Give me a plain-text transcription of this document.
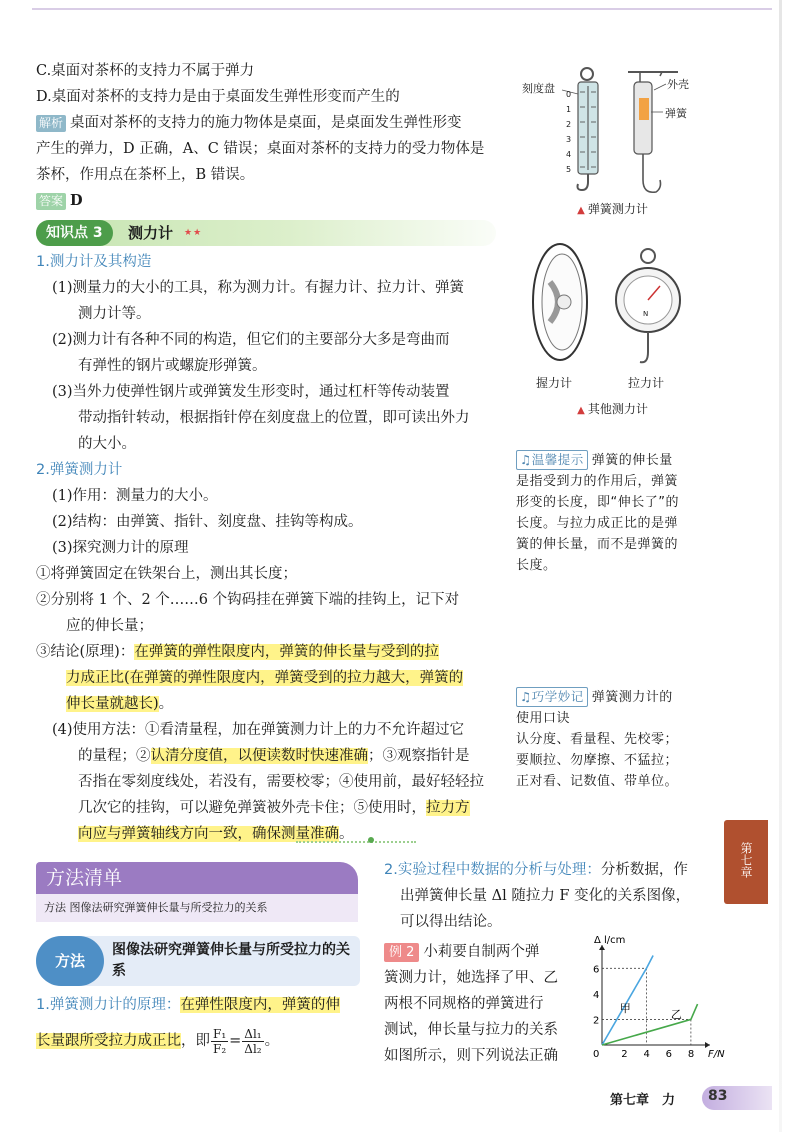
C.桌面对茶杯的支持力不属于弹力
D.桌面对茶杯的支持力是由于桌面发生弹性形变而产生的
解析 桌面对茶杯的支持力的施力物体是桌面，是桌面发生弹性形变
产生的弹力，D 正确，A、C 错误；桌面对茶杯的支持力的受力物体是
茶杯，作用点在茶杯上，B 错误。
答案 D
知识点 3	测力计 ★★
1.测力计及其构造
(1)测量力的大小的工具，称为测力计。有握力计、拉力计、弹簧
测力计等。
(2)测力计有各种不同的构造，但它们的主要部分大多是弯曲而
有弹性的钢片或螺旋形弹簧。
(3)当外力使弹性钢片或弹簧发生形变时，通过杠杆等传动装置
带动指针转动，根据指针停在刻度盘上的位置，即可读出外力
的大小。
2.弹簧测力计
(1)作用：测量力的大小。
(2)结构：由弹簧、指针、刻度盘、挂钩等构成。
(3)探究测力计的原理
①将弹簧固定在铁架台上，测出其长度；
②分别将 1 个、2 个……6 个钩码挂在弹簧下端的挂钩上，记下对
应的伸长量；
③结论(原理)：在弹簧的弹性限度内，弹簧的伸长量与受到的拉
力成正比(在弹簧的弹性限度内，弹簧受到的拉力越大，弹簧的
伸长量就越长)。
(4)使用方法：①看清量程，加在弹簧测力计上的力不允许超过它
的量程；②认清分度值，以便读数时快速准确；③观察指针是
否指在零刻度线处，若没有，需要校零；④使用前，最好轻轻拉
几次它的挂钩，可以避免弹簧被外壳卡住；⑤使用时，拉力方
向应与弹簧轴线方向一致，确保测量准确。
刻度盘 0
1
2
3
4
5
外壳
弹簧
▲ 弹簧测力计
N
握力计	拉力计
▲ 其他测力计
♫温馨提示 弹簧的伸长量
是指受到力的作用后，弹簧
形变的长度，即“伸长了”的
长度。与拉力成正比的是弹
簧的伸长量，而不是弹簧的
长度。
♫巧学妙记 弹簧测力计的
使用口诀
认分度、看量程、先校零；
要顺拉、勿摩擦、不猛拉；
正对看、记数值、带单位。
第七章
方法清单
方法 图像法研究弹簧伸长量与所受拉力的关系
方法
图像法研究弹簧伸长量与所受拉力的关系
1.弹簧测力计的原理：在弹性限度内，弹簧的伸
长量跟所受拉力成正比，即 $\frac{\text{F₁}}{\text{F₂}} = \frac{\text{Δl₁}}{\text{Δl₂}}$ 。
2.实验过程中数据的分析与处理：分析数据，作
出弹簧伸长量 Δl 随拉力 F 变化的关系图像，
可以得出结论。
例 2 小莉要自制两个弹
簧测力计，她选择了甲、乙
两根不同规格的弹簧进行
测试，伸长量与拉力的关系
如图所示，则下列说法正确	F/N
Δ l/cm
0 2 4 6 8
2
4
6
甲	乙
第七章　力 83
